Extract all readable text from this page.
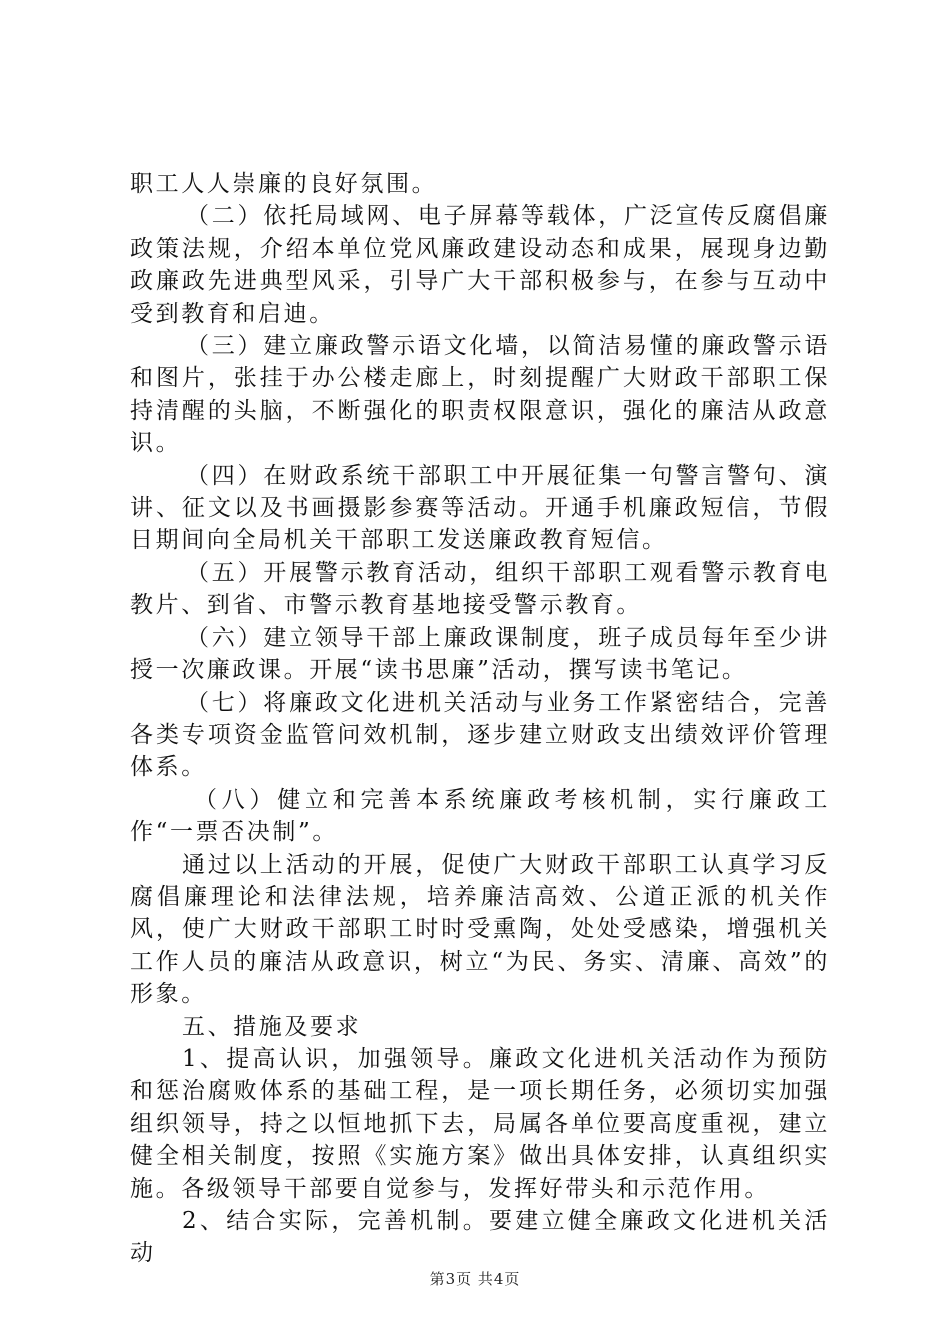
职工人人崇廉的良好氛围。

（二）依托局域网、电子屏幕等载体，广泛宣传反腐倡廉政策法规，介绍本单位党风廉政建设动态和成果，展现身边勤政廉政先进典型风采，引导广大干部积极参与，在参与互动中受到教育和启迪。

（三）建立廉政警示语文化墙，以简洁易懂的廉政警示语和图片，张挂于办公楼走廊上，时刻提醒广大财政干部职工保持清醒的头脑，不断强化的职责权限意识，强化的廉洁从政意识。

（四）在财政系统干部职工中开展征集一句警言警句、演讲、征文以及书画摄影参赛等活动。开通手机廉政短信，节假日期间向全局机关干部职工发送廉政教育短信。

（五）开展警示教育活动，组织干部职工观看警示教育电教片、到省、市警示教育基地接受警示教育。

（六）建立领导干部上廉政课制度，班子成员每年至少讲授一次廉政课。开展“读书思廉”活动，撰写读书笔记。

（七）将廉政文化进机关活动与业务工作紧密结合，完善各类专项资金监管问效机制，逐步建立财政支出绩效评价管理体系。

（八）健立和完善本系统廉政考核机制，实行廉政工作“一票否决制”。

通过以上活动的开展，促使广大财政干部职工认真学习反腐倡廉理论和法律法规，培养廉洁高效、公道正派的机关作风，使广大财政干部职工时时受熏陶，处处受感染，增强机关工作人员的廉洁从政意识，树立“为民、务实、清廉、高效”的形象。

五、措施及要求

1、提高认识，加强领导。廉政文化进机关活动作为预防和惩治腐败体系的基础工程，是一项长期任务，必须切实加强组织领导，持之以恒地抓下去，局属各单位要高度重视，建立健全相关制度，按照《实施方案》做出具体安排，认真组织实施。各级领导干部要自觉参与，发挥好带头和示范作用。

2、结合实际，完善机制。要建立健全廉政文化进机关活动

第3页 共4页
